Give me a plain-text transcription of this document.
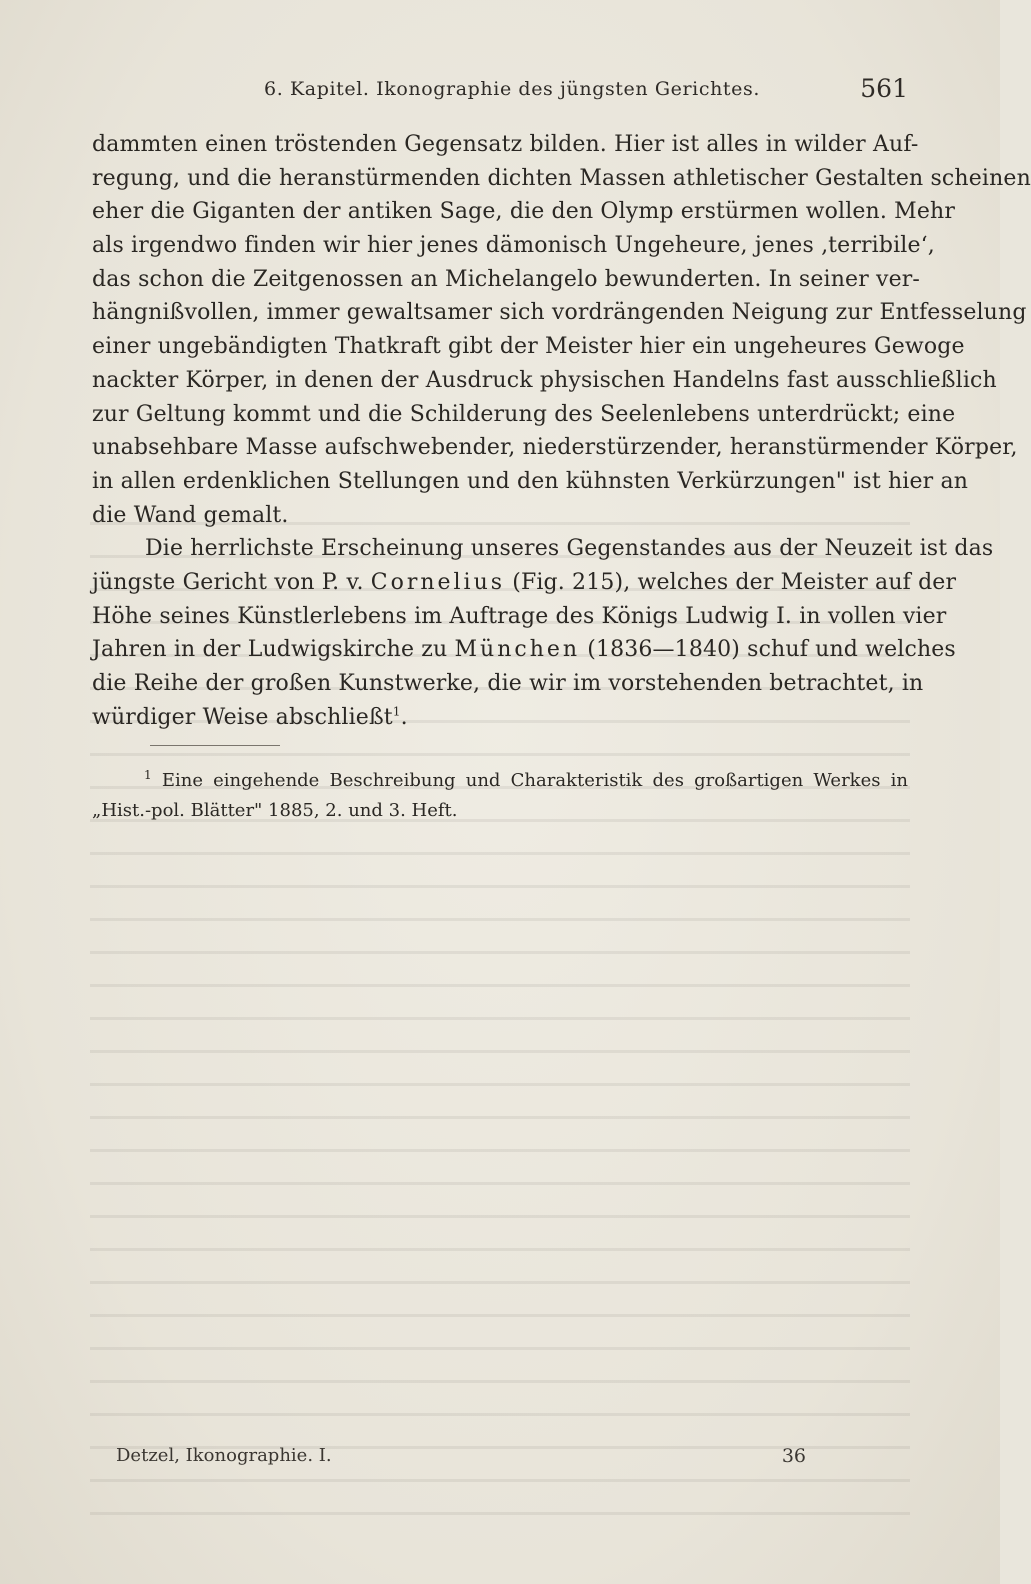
6. Kapitel. Ikonographie des jüngsten Gerichtes.	561
dammten einen tröstenden Gegensatz bilden. Hier ist alles in wilder Auf-
regung, und die heranstürmenden dichten Massen athletischer Gestalten scheinen
eher die Giganten der antiken Sage, die den Olymp erstürmen wollen. Mehr
als irgendwo finden wir hier jenes dämonisch Ungeheure, jenes ‚terribile‘,
das schon die Zeitgenossen an Michelangelo bewunderten. In seiner ver-
hängnißvollen, immer gewaltsamer sich vordrängenden Neigung zur Entfesselung
einer ungebändigten Thatkraft gibt der Meister hier ein ungeheures Gewoge
nackter Körper, in denen der Ausdruck physischen Handelns fast ausschließlich
zur Geltung kommt und die Schilderung des Seelenlebens unterdrückt; eine
unabsehbare Masse aufschwebender, niederstürzender, heranstürmender Körper,
in allen erdenklichen Stellungen und den kühnsten Verkürzungen" ist hier an
die Wand gemalt.
Die herrlichste Erscheinung unseres Gegenstandes aus der Neuzeit ist das
jüngste Gericht von P. v. Cornelius (Fig. 215), welches der Meister auf der
Höhe seines Künstlerlebens im Auftrage des Königs Ludwig I. in vollen vier
Jahren in der Ludwigskirche zu München (1836—1840) schuf und welches
die Reihe der großen Kunstwerke, die wir im vorstehenden betrachtet, in
würdiger Weise abschließt$^1$.
$^1$ Eine eingehende Beschreibung und Charakteristik des großartigen Werkes in
„Hist.-pol. Blätter" 1885, 2. und 3. Heft.
Detzel, Ikonographie. I.	36
